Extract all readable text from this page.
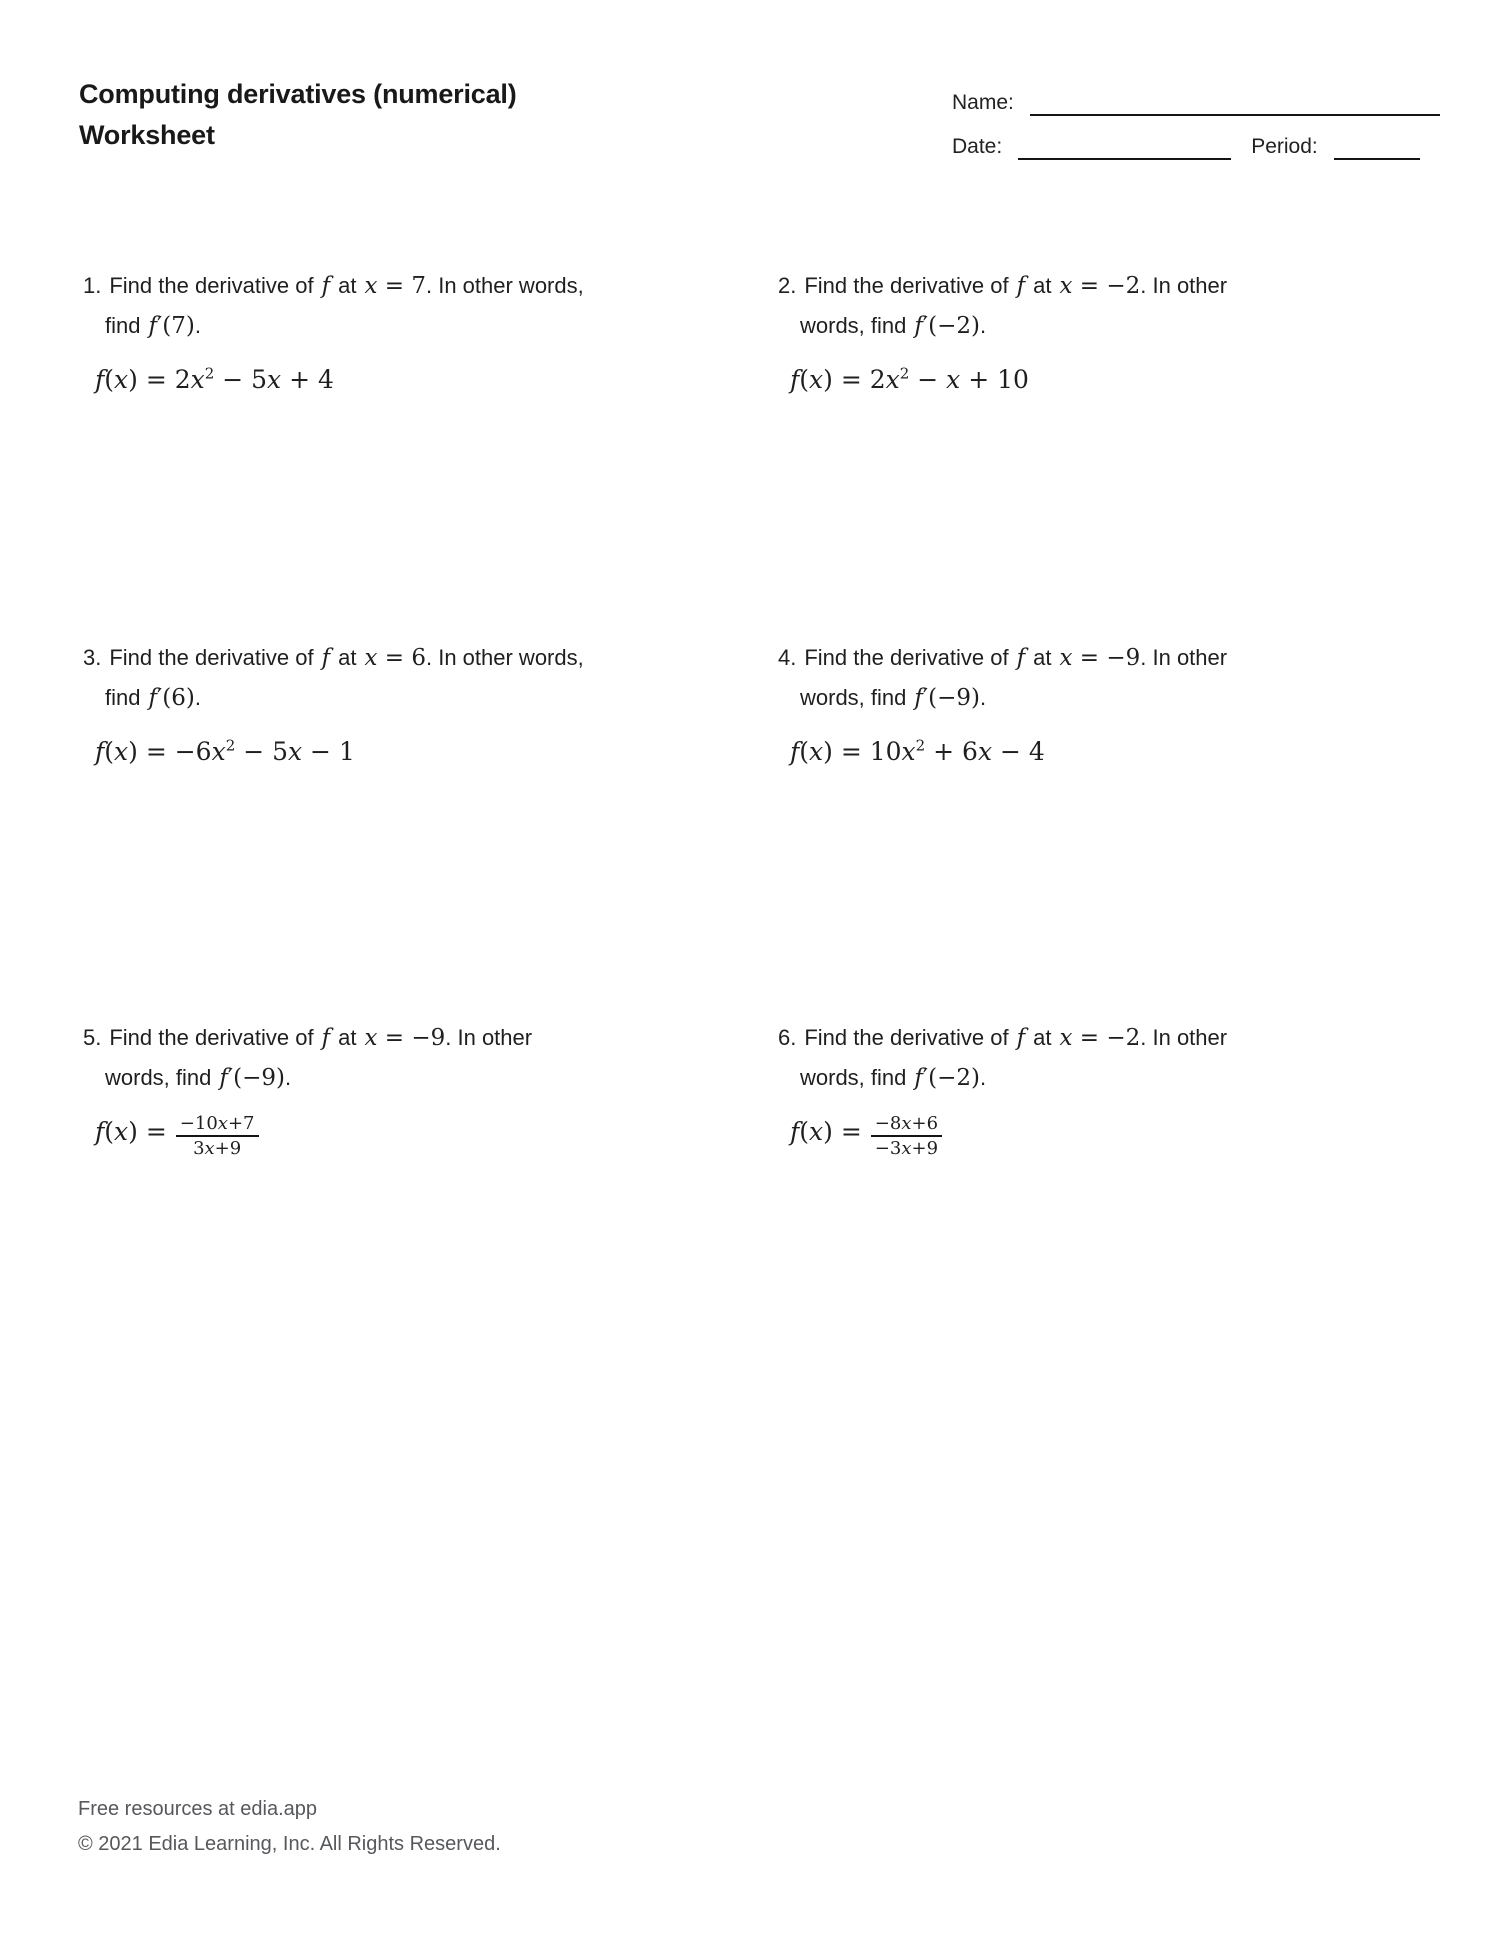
Computing derivatives (numerical)
Worksheet
Name:
Date:	Period:
1. Find the derivative of f at x = 7. In other words,
find f′(7).
$f(x) = 2x^2 - 5x + 4$
2. Find the derivative of f at x = −2. In other
words, find f′(−2).
$f(x) = 2x^2 - x + 10$
3. Find the derivative of f at x = 6. In other words,
find f′(6).
$f(x) = -6x^2 - 5x - 1$
4. Find the derivative of f at x = −9. In other
words, find f′(−9).
$f(x) = 10x^2 + 6x - 4$
5. Find the derivative of f at x = −9. In other
words, find f′(−9).
$f(x) = \frac{-10x+7}{3x+9}$
6. Find the derivative of f at x = −2. In other
words, find f′(−2).
$f(x) = \frac{-8x+6}{-3x+9}$
Free resources at edia.app
© 2021 Edia Learning, Inc. All Rights Reserved.
